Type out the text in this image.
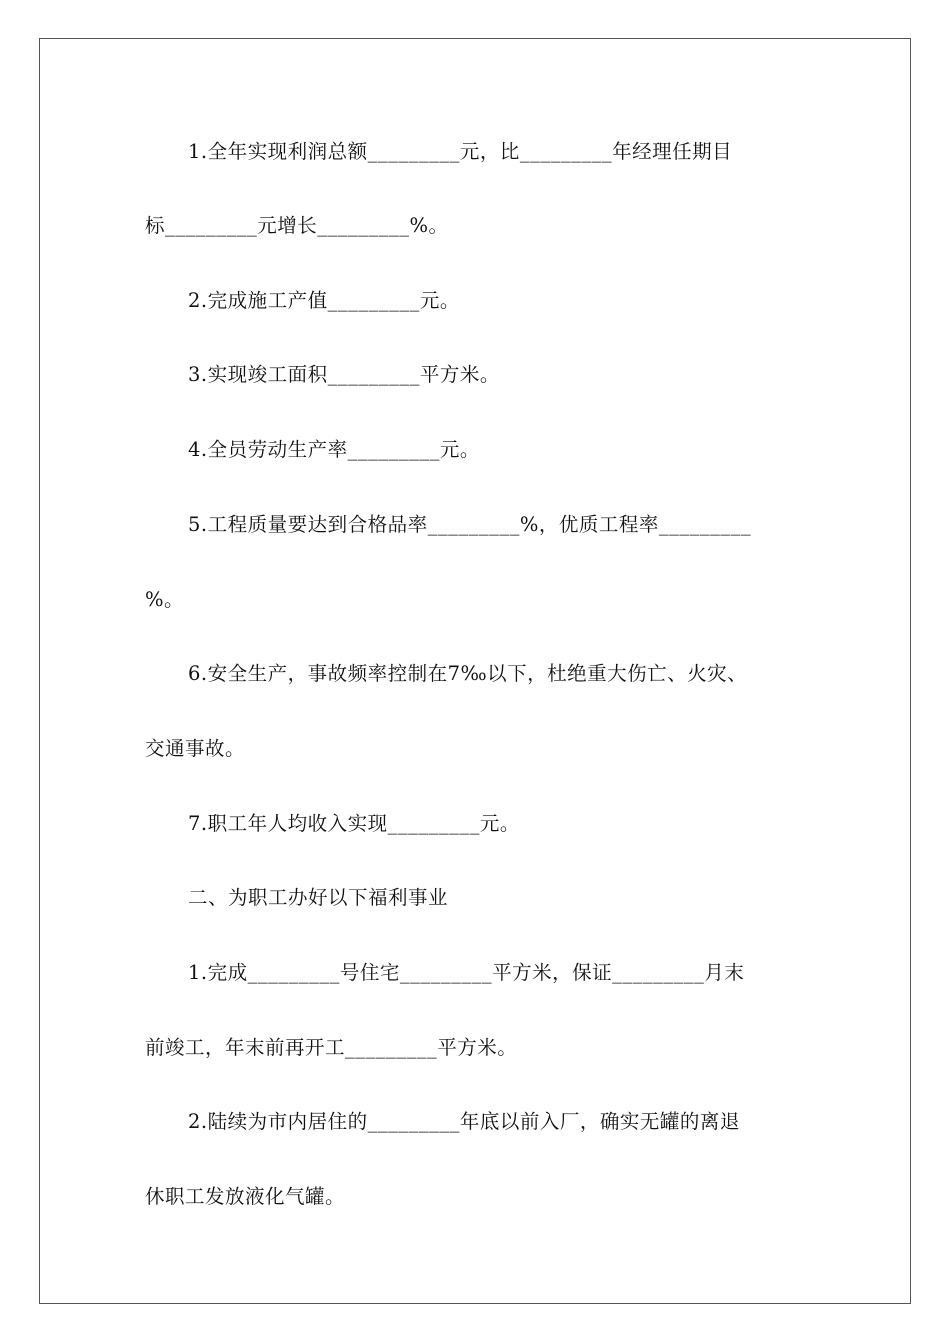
1.全年实现利润总额_________元，比_________年经理任期目
标_________元增长_________%。
2.完成施工产值_________元。
3.实现竣工面积_________平方米。
4.全员劳动生产率_________元。
5.工程质量要达到合格品率_________%，优质工程率_________
%。
6.安全生产，事故频率控制在7‰以下，杜绝重大伤亡、火灾、
交通事故。
7.职工年人均收入实现_________元。
二、为职工办好以下福利事业
1.完成_________号住宅_________平方米，保证_________月末
前竣工，年末前再开工_________平方米。
2.陆续为市内居住的_________年底以前入厂，确实无罐的离退
休职工发放液化气罐。
